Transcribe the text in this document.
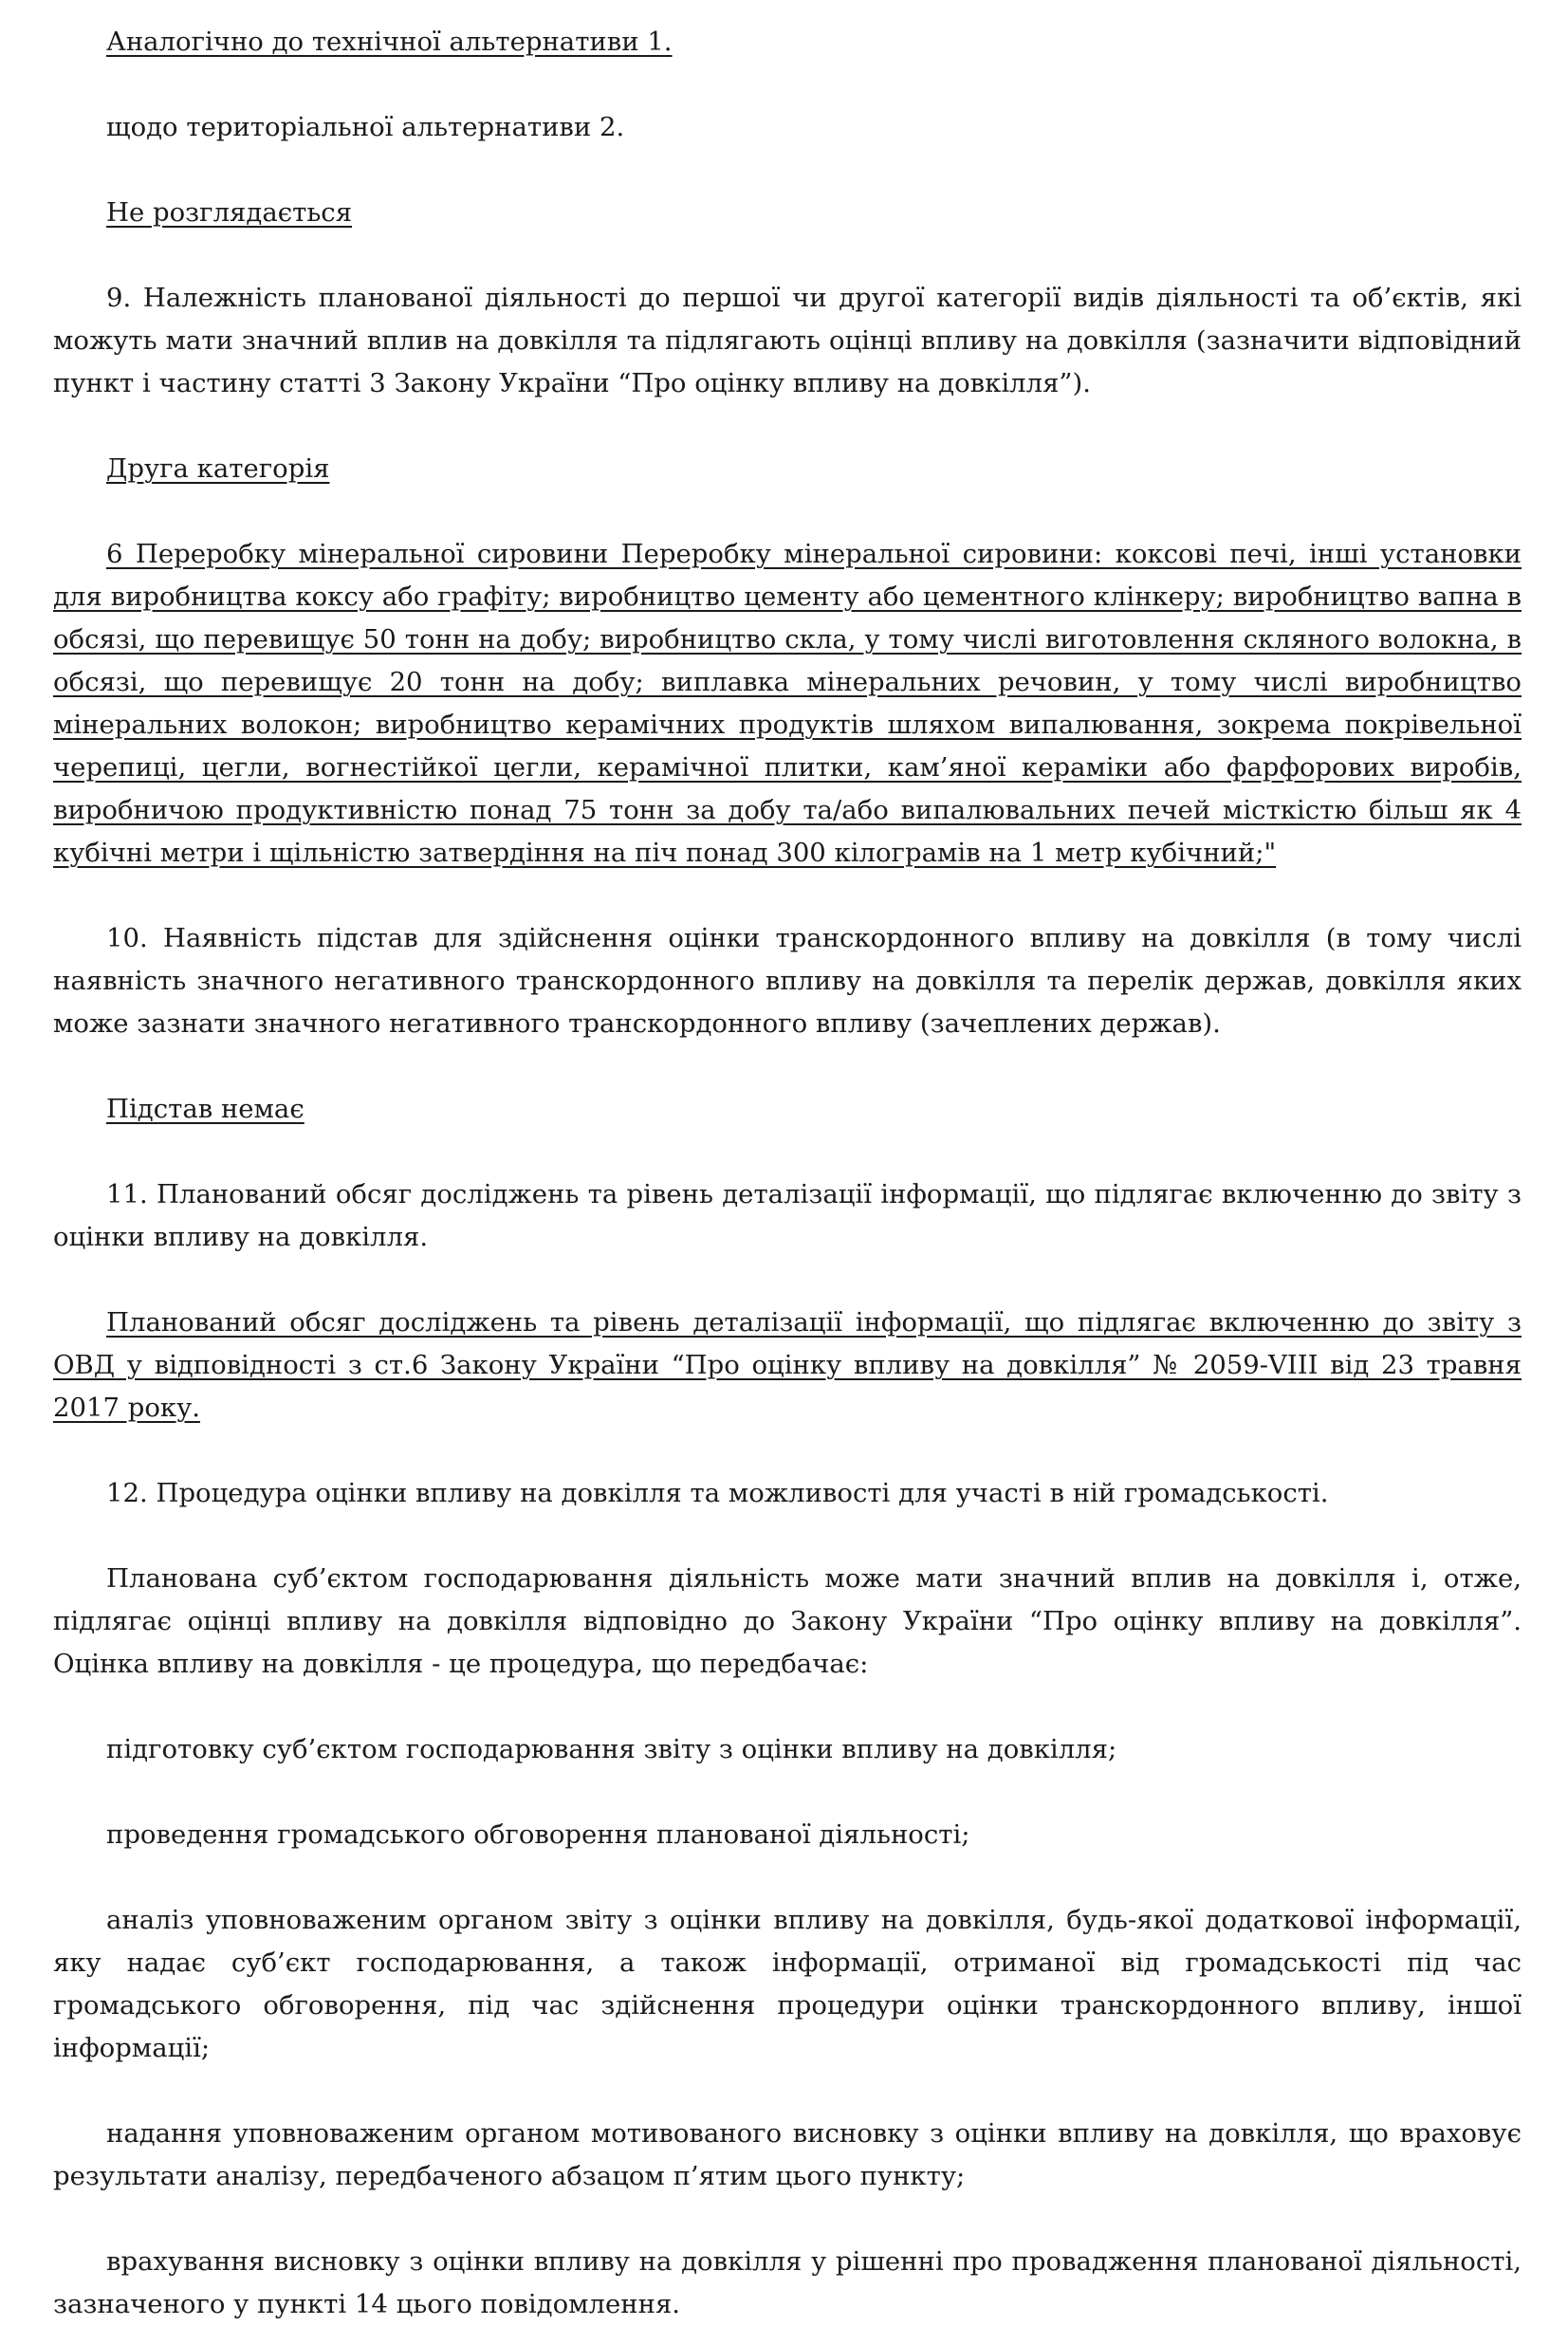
Аналогічно до технічної альтернативи 1.

щодо територіальної альтернативи 2.

Не розглядається

9. Належність планованої діяльності до першої чи другої категорії видів діяльності та об’єктів, які можуть мати значний вплив на довкілля та підлягають оцінці впливу на довкілля (зазначити відповідний пункт і частину статті 3 Закону України “Про оцінку впливу на довкілля”).

Друга категорія

6 Переробку мінеральної сировини Переробку мінеральної сировини: коксові печі, інші установки для виробництва коксу або графіту; виробництво цементу або цементного клінкеру; виробництво вапна в обсязі, що перевищує 50 тонн на добу; виробництво скла, у тому числі виготовлення скляного волокна, в обсязі, що перевищує 20 тонн на добу; виплавка мінеральних речовин, у тому числі виробництво мінеральних волокон; виробництво керамічних продуктів шляхом випалювання, зокрема покрівельної черепиці, цегли, вогнестійкої цегли, керамічної плитки, кам’яної кераміки або фарфорових виробів, виробничою продуктивністю понад 75 тонн за добу та/або випалювальних печей місткістю більш як 4 кубічні метри і щільністю затвердіння на піч понад 300 кілограмів на 1 метр кубічний;"

10. Наявність підстав для здійснення оцінки транскордонного впливу на довкілля (в тому числі наявність значного негативного транскордонного впливу на довкілля та перелік держав, довкілля яких може зазнати значного негативного транскордонного впливу (зачеплених держав).

Підстав немає

11. Планований обсяг досліджень та рівень деталізації інформації, що підлягає включенню до звіту з оцінки впливу на довкілля.

Планований обсяг досліджень та рівень деталізації інформації, що підлягає включенню до звіту з ОВД у відповідності з ст.6 Закону України “Про оцінку впливу на довкілля” № 2059-VIII від 23 травня 2017 року.

12. Процедура оцінки впливу на довкілля та можливості для участі в ній громадськості.

Планована суб’єктом господарювання діяльність може мати значний вплив на довкілля і, отже, підлягає оцінці впливу на довкілля відповідно до Закону України “Про оцінку впливу на довкілля”. Оцінка впливу на довкілля - це процедура, що передбачає:

підготовку суб’єктом господарювання звіту з оцінки впливу на довкілля;

проведення громадського обговорення планованої діяльності;

аналіз уповноваженим органом звіту з оцінки впливу на довкілля, будь-якої додаткової інформації, яку надає суб’єкт господарювання, а також інформації, отриманої від громадськості під час громадського обговорення, під час здійснення процедури оцінки транскордонного впливу, іншої інформації;

надання уповноваженим органом мотивованого висновку з оцінки впливу на довкілля, що враховує результати аналізу, передбаченого абзацом п’ятим цього пункту;

врахування висновку з оцінки впливу на довкілля у рішенні про провадження планованої діяльності, зазначеного у пункті 14 цього повідомлення.
